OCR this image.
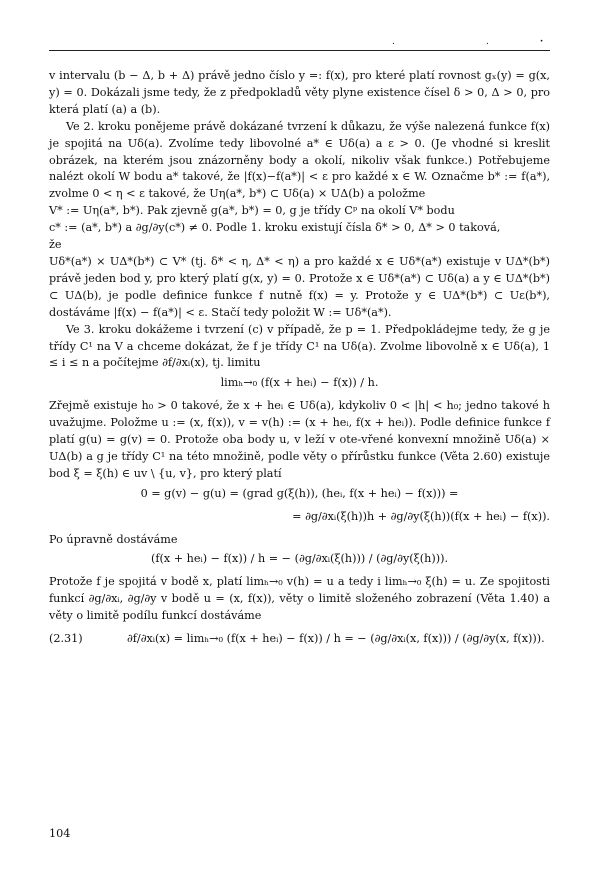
.	.	·

v intervalu (b − Δ, b + Δ) právě jedno číslo y =: f(x), pro které platí rovnost gₓ(y) = g(x, y) = 0. Dokázali jsme tedy, že z předpokladů věty plyne existence čísel δ > 0, Δ > 0, pro která platí (a) a (b).

Ve 2. kroku ponějeme právě dokázané tvrzení k důkazu, že výše nalezená funkce f(x) je spojitá na Uδ(a). Zvolíme tedy libovolné a* ∈ Uδ(a) a ε > 0. (Je vhodné si kreslit obrázek, na kterém jsou znázorněny body a okolí, nikoliv však funkce.) Potřebujeme nalézt okolí W bodu a* takové, že |f(x)−f(a*)| < ε pro každé x ∈ W. Označme b* := f(a*), zvolme 0 < η < ε takové, že Uη(a*, b*) ⊂ Uδ(a) × UΔ(b) a položme

V* := Uη(a*, b*). Pak zjevně g(a*, b*) = 0, g je třídy Cᵖ na okolí V* bodu

c* := (a*, b*) a ∂g/∂y(c*) ≠ 0. Podle 1. kroku existují čísla δ* > 0, Δ* > 0 taková,

že

Uδ*(a*) × UΔ*(b*) ⊂ V* (tj. δ* < η, Δ* < η) a pro každé x ∈ Uδ*(a*) existuje v UΔ*(b*) právě jeden bod y, pro který platí g(x, y) = 0. Protože x ∈ Uδ*(a*) ⊂ Uδ(a) a y ∈ UΔ*(b*) ⊂ UΔ(b), je podle definice funkce f nutně f(x) = y. Protože y ∈ UΔ*(b*) ⊂ Uε(b*), dostáváme |f(x) − f(a*)| < ε. Stačí tedy položit W := Uδ*(a*).

Ve 3. kroku dokážeme i tvrzení (c) v případě, že p = 1. Předpokládejme tedy, že g je třídy C¹ na V a chceme dokázat, že f je třídy C¹ na Uδ(a). Zvolme libovolně x ∈ Uδ(a), 1 ≤ i ≤ n a počítejme ∂f/∂xᵢ(x), tj. limitu

limₕ→₀ (f(x + heᵢ) − f(x)) / h.

Zřejmě existuje h₀ > 0 takové, že x + heᵢ ∈ Uδ(a), kdykoliv 0 < |h| < h₀; jedno takové h uvažujme. Položme u := (x, f(x)), v = v(h) := (x + heᵢ, f(x + heᵢ)). Podle definice funkce f platí g(u) = g(v) = 0. Protože oba body u, v leží v ote-vřené konvexní množině Uδ(a) × UΔ(b) a g je třídy C¹ na této množině, podle věty o přírůstku funkce (Věta 2.60) existuje bod ξ = ξ(h) ∈ uv \ {u, v}, pro který platí

0 = g(v) − g(u) = (grad g(ξ(h)), (heᵢ, f(x + heᵢ) − f(x))) =

= ∂g/∂xᵢ(ξ(h))h + ∂g/∂y(ξ(h))(f(x + heᵢ) − f(x)).

Po úpravně dostáváme

(f(x + heᵢ) − f(x)) / h = − (∂g/∂xᵢ(ξ(h))) / (∂g/∂y(ξ(h))).

Protože f je spojitá v bodě x, platí limₕ→₀ v(h) = u a tedy i limₕ→₀ ξ(h) = u. Ze spojitosti funkcí ∂g/∂xᵢ, ∂g/∂y v bodě u = (x, f(x)), věty o limitě složeného zobrazení (Věta 1.40) a věty o limitě podílu funkcí dostáváme

(2.31)	∂f/∂xᵢ(x) = limₕ→₀ (f(x + heᵢ) − f(x)) / h = − (∂g/∂xᵢ(x, f(x))) / (∂g/∂y(x, f(x))).

104
